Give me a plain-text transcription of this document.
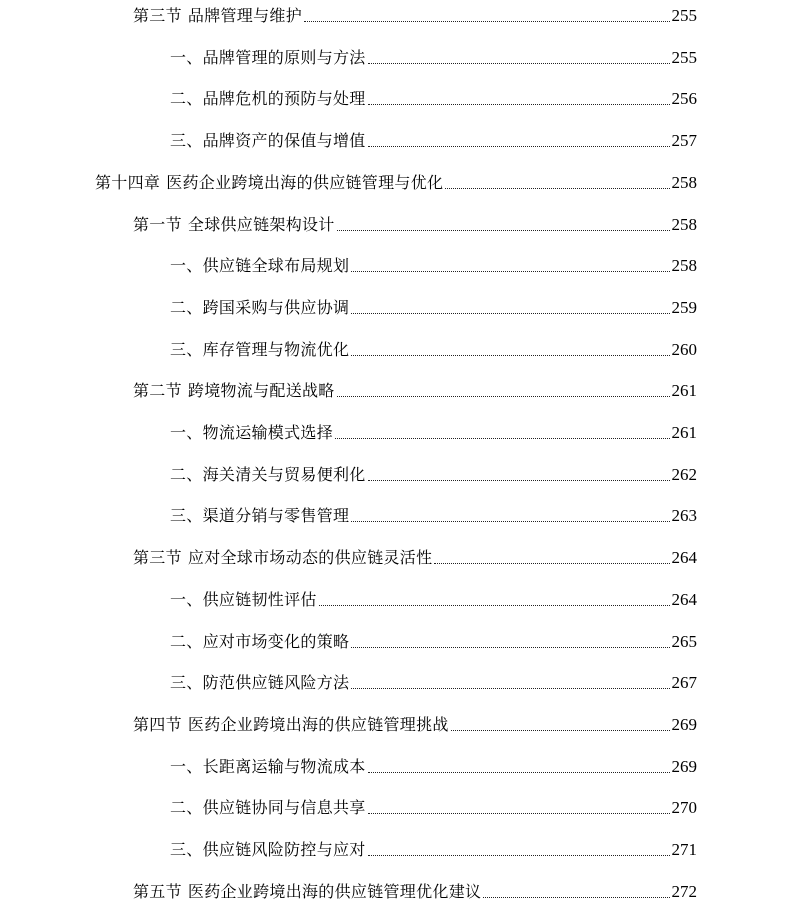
第三节 品牌管理与维护	255
一、品牌管理的原则与方法	255
二、品牌危机的预防与处理	256
三、品牌资产的保值与增值	257
第十四章 医药企业跨境出海的供应链管理与优化	258
第一节 全球供应链架构设计	258
一、供应链全球布局规划	258
二、跨国采购与供应协调	259
三、库存管理与物流优化	260
第二节 跨境物流与配送战略	261
一、物流运输模式选择	261
二、海关清关与贸易便利化	262
三、渠道分销与零售管理	263
第三节 应对全球市场动态的供应链灵活性	264
一、供应链韧性评估	264
二、应对市场变化的策略	265
三、防范供应链风险方法	267
第四节 医药企业跨境出海的供应链管理挑战	269
一、长距离运输与物流成本	269
二、供应链协同与信息共享	270
三、供应链风险防控与应对	271
第五节 医药企业跨境出海的供应链管理优化建议	272
